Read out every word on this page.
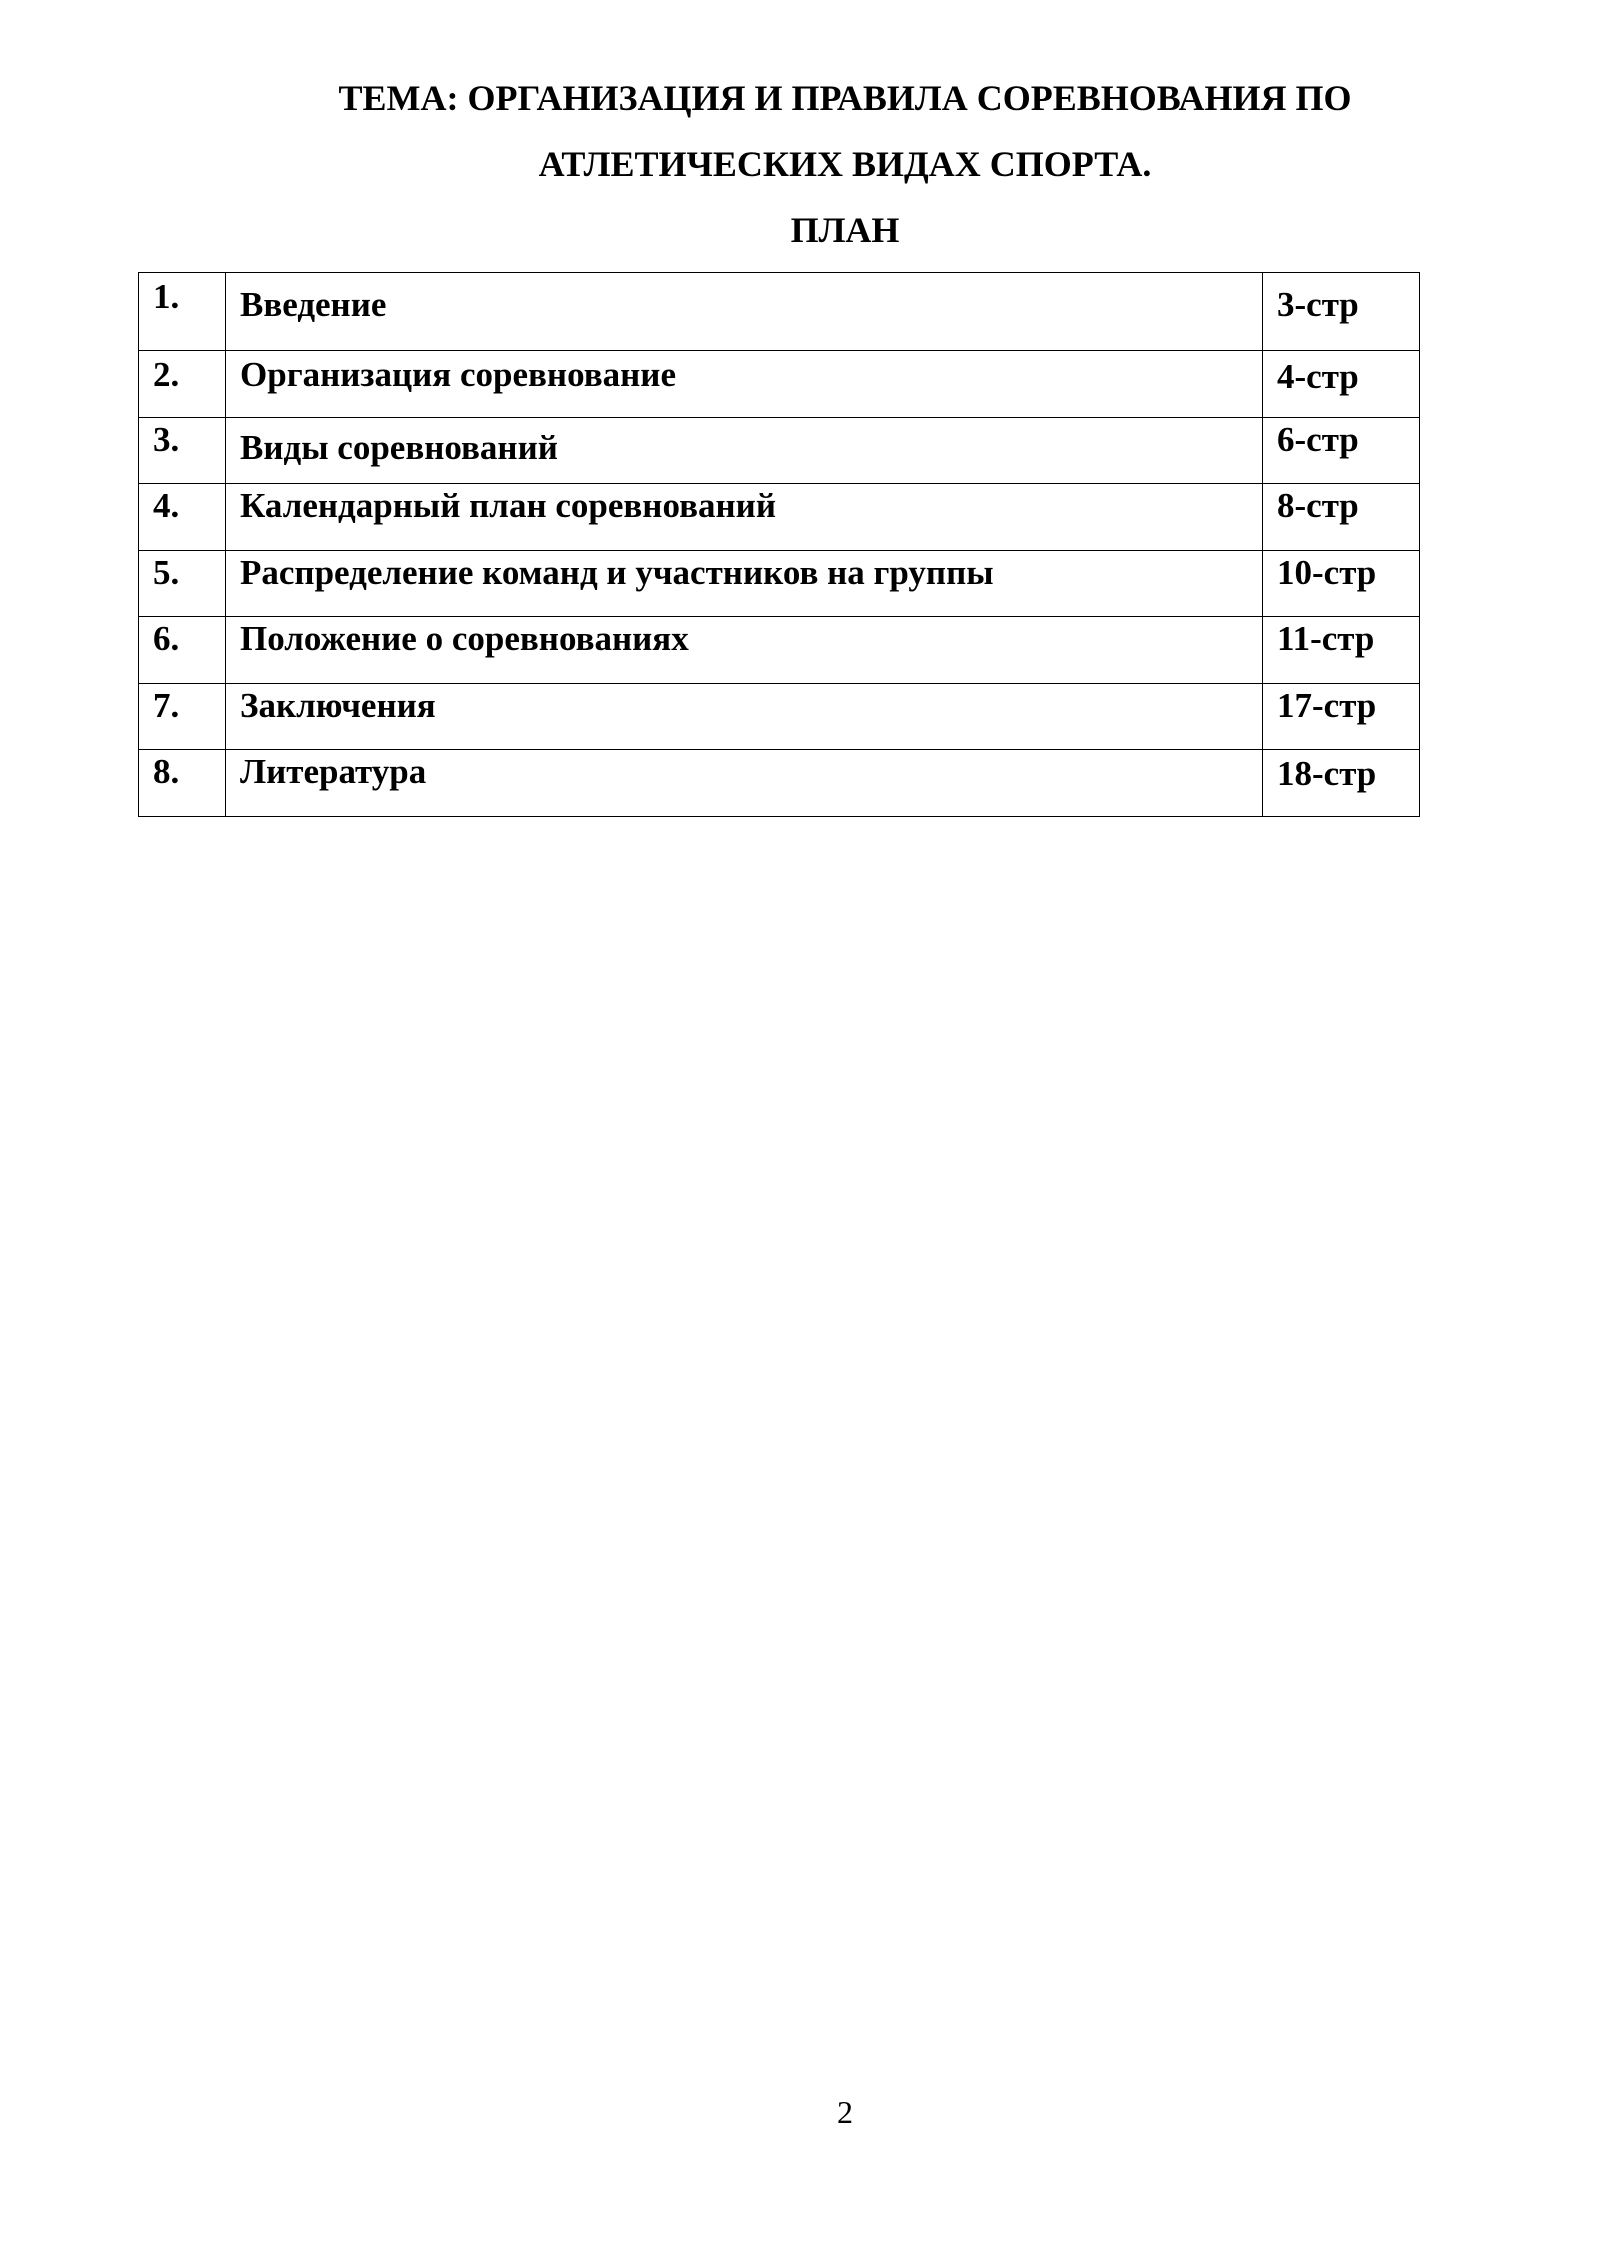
ТЕМА: ОРГАНИЗАЦИЯ И ПРАВИЛА СОРЕВНОВАНИЯ ПО
АТЛЕТИЧЕСКИХ ВИДАХ СПОРТА.
ПЛАН
1.	Введение	3-стр
2.	Организация соревнование	4-стр
3.	Виды соревнований	6-стр
4.	Календарный план соревнований	8-стр
5.	Распределение команд и участников на группы	10-стр
6.	Положение о соревнованиях	11-стр
7.	Заключения	17-стр
8.	Литература	18-стр
2
